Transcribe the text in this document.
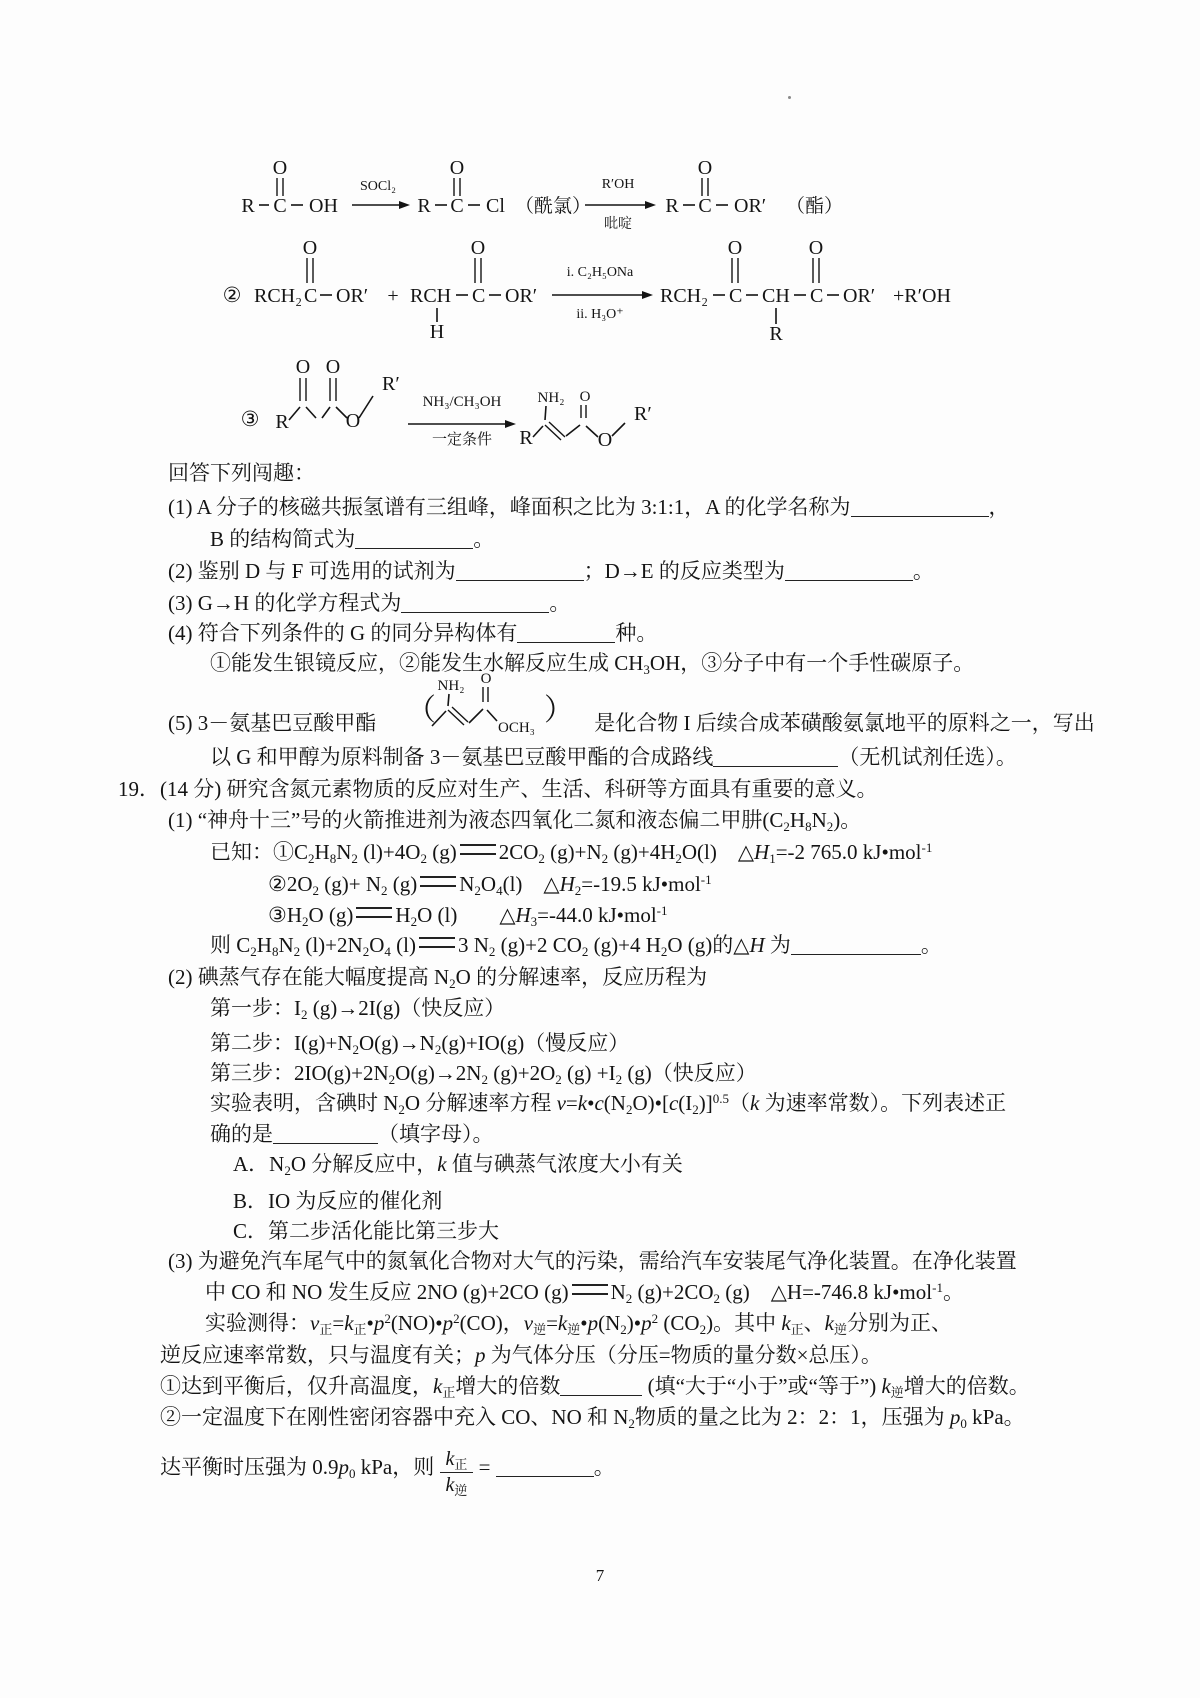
R C
O
OH
SOCl₂
R C
O
Cl （酰氯）
R′OH
吡啶
R C
O
OR′ （酯）
② RCH₂ C
O
OR′ + RCH
H
C
O
OR′
i. C₂H₅ONa
ii. H₃O⁺
RCH₂ C
O
CH
R
C
O
OR′ +R′OH
③ R
O O
O
R′
NH₃/CH₃OH
一定条件 R
NH₂ O
O
R′
（
NH₂ O
OCH₃
）
回答下列闯趣：
(1) A 分子的核磁共振氢谱有三组峰，峰面积之比为 3:1:1，A 的化学名称为	，
B 的结构简式为	。
(2) 鉴别 D 与 F 可选用的试剂为	；D→E 的反应类型为	。
(3) G→H 的化学方程式为	。
(4) 符合下列条件的 G 的同分异构体有	种。
①能发生银镜反应，②能发生水解反应生成 $CH_3OH$，③分子中有一个手性碳原子。
(5) 3－氨基巴豆酸甲酯	是化合物 I 后续合成苯磺酸氨氯地平的原料之一，写出
以 G 和甲醇为原料制备 3－氨基巴豆酸甲酯的合成路线	（无机试剂任选）。
19．(14 分) 研究含氮元素物质的反应对生产、生活、科研等方面具有重要的意义。
(1) “神舟十三”号的火箭推进剂为液态四氧化二氮和液态偏二甲肼$(C_2H_8N_2)$。
已知：$①C_2H_8N_2$ $(l)+4O_2$ (g) $2CO_2$ $(g)+N_2$ $(g)+4H_2O(l)$　$\triangle H_1=-2$ 765.0 kJ•mol$^{-1}$
$②2O_2$ $(g)+ N_2$ (g) $N_2O_4(l)$　$\triangle H_2=-19.5$ kJ•mol$^{-1}$
$③H_2O$ (g) $H_2O$ (l)　　$\triangle H_3=-44.0$ kJ•mol$^{-1}$
则 $C_2H_8N_2$ $(l)+2N_2O_4$ (l) 3 $N_2$ (g)+2 $CO_2$ (g)+4 $H_2O$ (g)的△H 为	。
(2) 碘蒸气存在能大幅度提高 $N_2O$ 的分解速率，反应历程为
第一步：$I_2$ (g)→2I(g)（快反应）
第二步：$I(g)+N_2O(g)\to N_2(g)+IO(g)$（慢反应）
第三步：$2IO(g)+2N_2O(g)\to 2N_2$ $(g)+2O_2$ $(g) +I_2$ (g)（快反应）
实验表明，含碘时 $N_2O$ 分解速率方程 $v=k•c(N_2O)•[c(I_2)]^{0.5}(k$ 为速率常数）。下列表述正
确的是	（填字母）。
A．$N_2O$ 分解反应中，k 值与碘蒸气浓度大小有关
B．IO 为反应的催化剂
C．第二步活化能比第三步大
(3) 为避免汽车尾气中的氮氧化合物对大气的污染，需给汽车安装尾气净化装置。在净化装置
中 CO 和 NO 发生反应 2NO (g)+2CO (g) $N_2$ $(g)+2CO_2$ (g)　△H=-746.8 kJ•mol$^{-1}$。
实验测得：$v_正=k_正•p^2(NO)•p^2(CO)$，$v_逆=k_逆•p(N_2)•p^2$ $(CO_2)$。其中 $k_正$、$k_逆$分别为正、
逆反应速率常数，只与温度有关；p 为气体分压（分压=物质的量分数×总压）。
①达到平衡后，仅升高温度，$k_正$增大的倍数	(填“大于“小于”或“等于”) $k_逆$增大的倍数。
②一定温度下在刚性密闭容器中充入 CO、NO 和 $N_2$物质的量之比为 2：2：1，压强为 $p_0$ kPa。
达平衡时压强为 $0.9p_0$ kPa，则 $\frac{k_正}{k_逆}$ =	。
7
